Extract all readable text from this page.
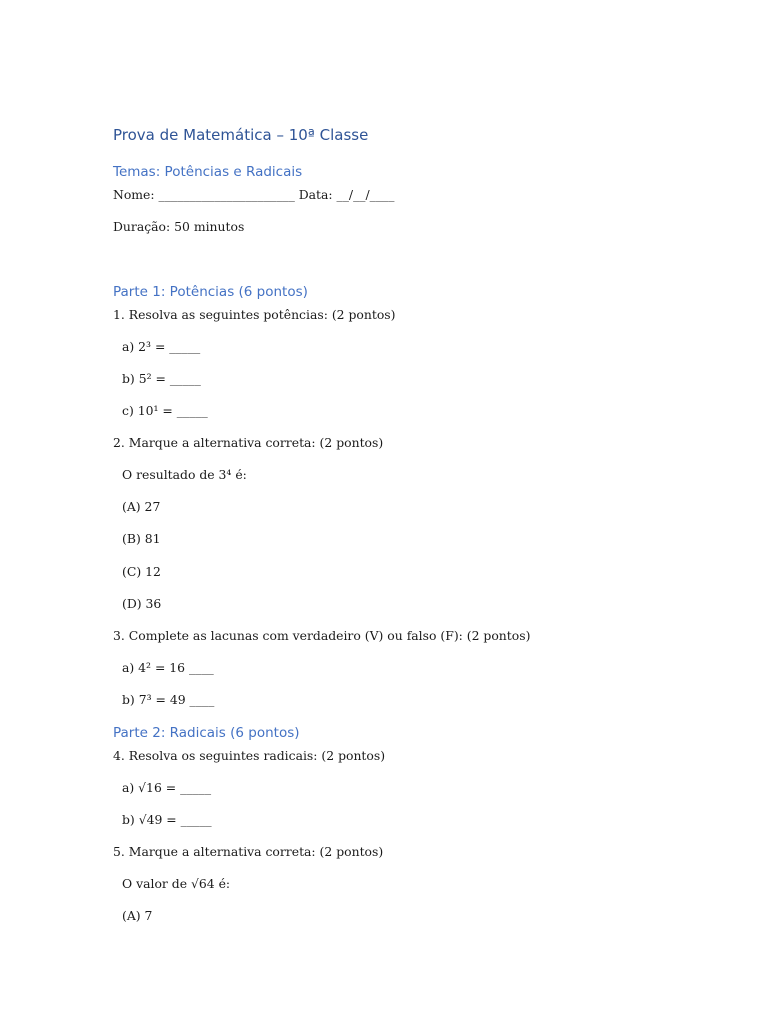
Prova de Matemática – 10ª Classe
Temas: Potências e Radicais
Nome: ______________________ Data: __/__/____
Duração: 50 minutos
Parte 1: Potências (6 pontos)
1. Resolva as seguintes potências: (2 pontos)
a) 2³ = _____
b) 5² = _____
c) 10¹ = _____
2. Marque a alternativa correta: (2 pontos)
O resultado de 3⁴ é:
(A) 27
(B) 81
(C) 12
(D) 36
3. Complete as lacunas com verdadeiro (V) ou falso (F): (2 pontos)
a) 4² = 16 ____
b) 7³ = 49 ____
Parte 2: Radicais (6 pontos)
4. Resolva os seguintes radicais: (2 pontos)
a) √16 = _____
b) √49 = _____
5. Marque a alternativa correta: (2 pontos)
O valor de √64 é:
(A) 7
